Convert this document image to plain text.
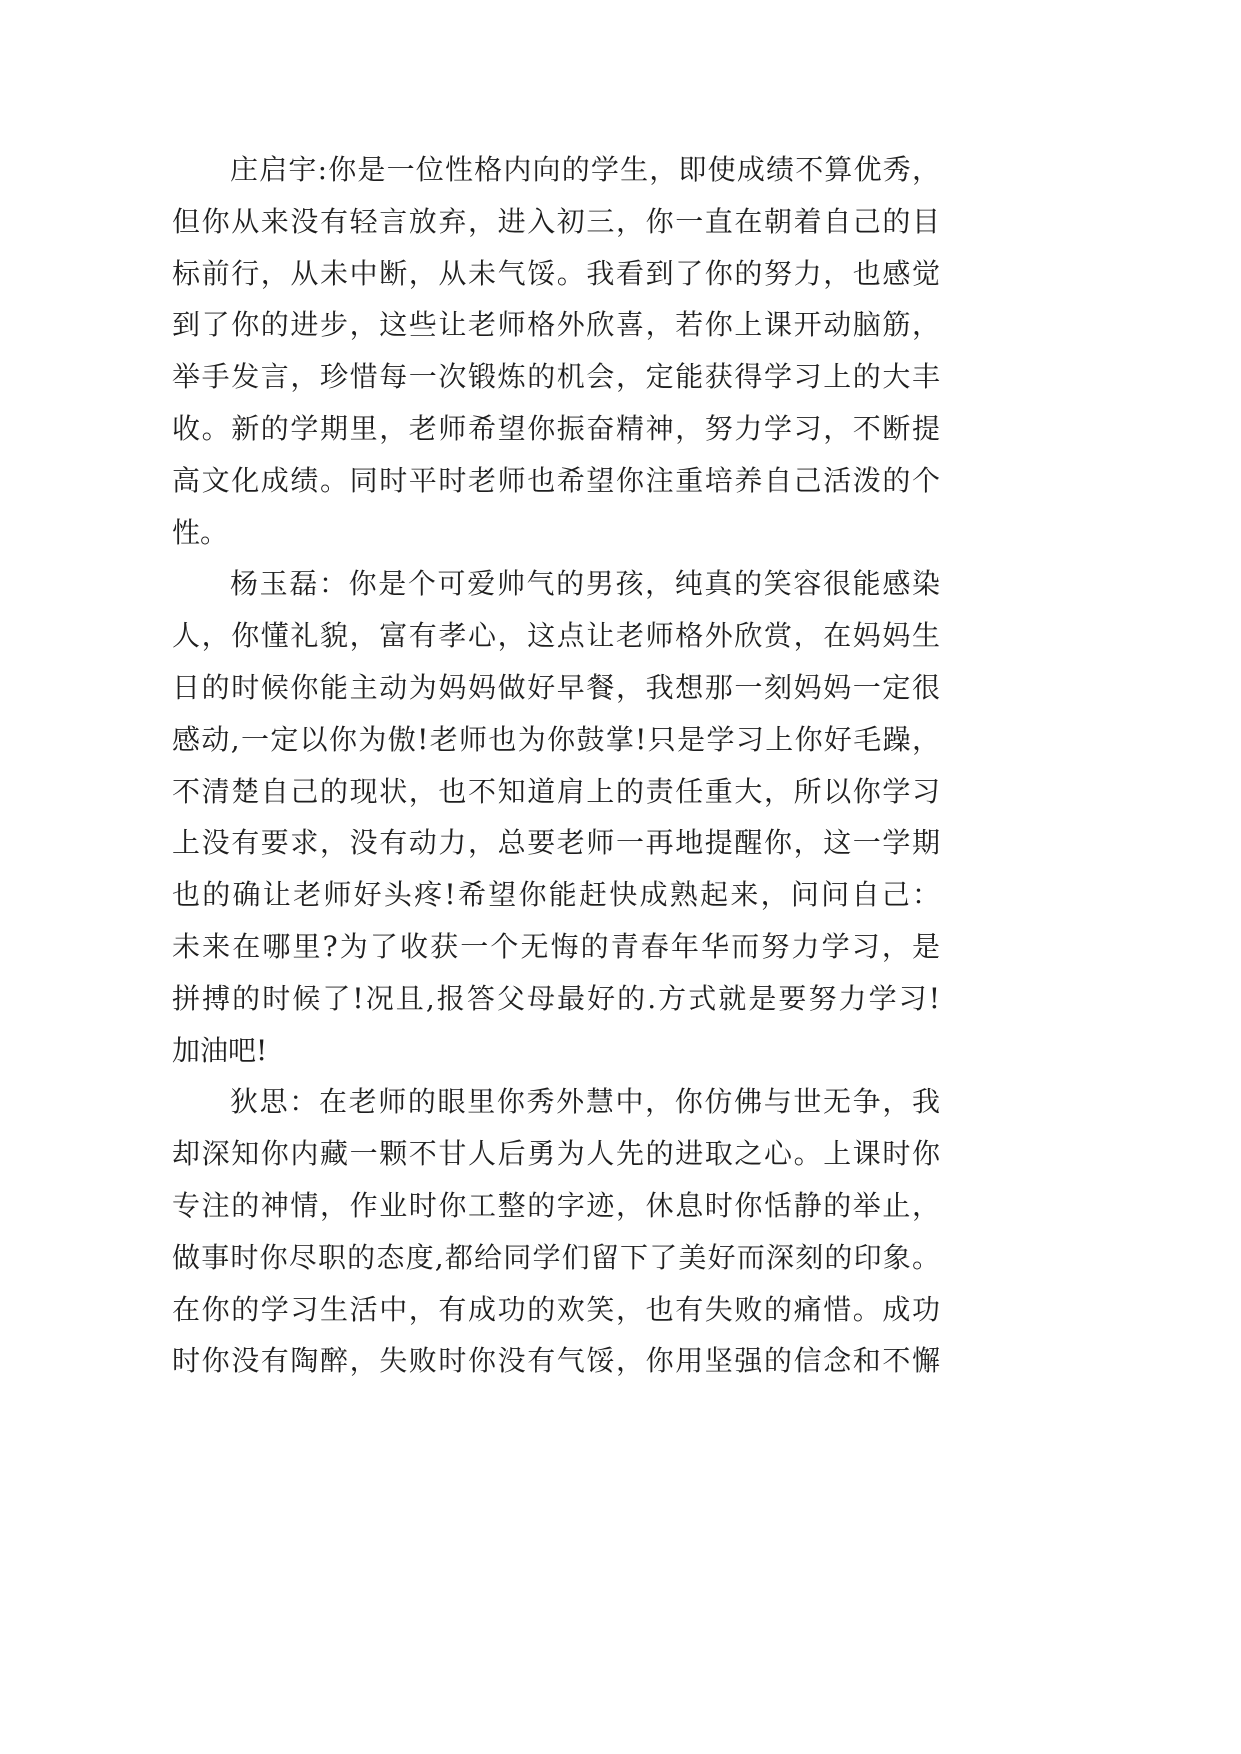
庄启宇:你是一位性格内向的学生，即使成绩不算优秀，
但你从来没有轻言放弃，进入初三，你一直在朝着自己的目
标前行，从未中断，从未气馁。我看到了你的努力，也感觉
到了你的进步，这些让老师格外欣喜，若你上课开动脑筋，
举手发言，珍惜每一次锻炼的机会，定能获得学习上的大丰
收。新的学期里，老师希望你振奋精神，努力学习，不断提
高文化成绩。同时平时老师也希望你注重培养自己活泼的个
性。
杨玉磊：你是个可爱帅气的男孩，纯真的笑容很能感染
人，你懂礼貌，富有孝心，这点让老师格外欣赏，在妈妈生
日的时候你能主动为妈妈做好早餐，我想那一刻妈妈一定很
感动,一定以你为傲!老师也为你鼓掌!只是学习上你好毛躁，
不清楚自己的现状，也不知道肩上的责任重大，所以你学习
上没有要求，没有动力，总要老师一再地提醒你，这一学期
也的确让老师好头疼!希望你能赶快成熟起来，问问自己：
未来在哪里?为了收获一个无悔的青春年华而努力学习，是
拼搏的时候了!况且,报答父母最好的.方式就是要努力学习!
加油吧!
狄思：在老师的眼里你秀外慧中，你仿佛与世无争，我
却深知你内藏一颗不甘人后勇为人先的进取之心。上课时你
专注的神情，作业时你工整的字迹，休息时你恬静的举止，
做事时你尽职的态度,都给同学们留下了美好而深刻的印象。
在你的学习生活中，有成功的欢笑，也有失败的痛惜。成功
时你没有陶醉，失败时你没有气馁，你用坚强的信念和不懈
